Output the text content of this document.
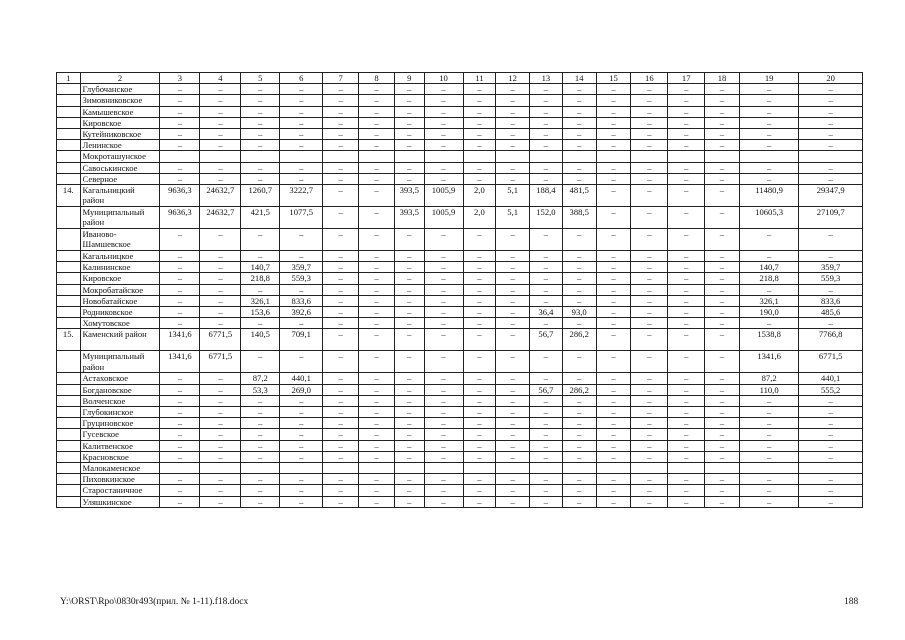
1	2	3	4	5	6	7	8	9	10	11	12	13	14	15	16	17	18	19	20
	Глубочанское	–	–	–	–	–	–	–	–	–	–	–	–	–	–	–	–	–	–
	Зимовниковское	–	–	–	–	–	–	–	–	–	–	–	–	–	–	–	–	–	–
	Камышевское	–	–	–	–	–	–	–	–	–	–	–	–	–	–	–	–	–	–
	Кировское	–	–	–	–	–	–	–	–	–	–	–	–	–	–	–	–	–	–
	Кутейниковское	–	–	–	–	–	–	–	–	–	–	–	–	–	–	–	–	–	–
	Ленинское	–	–	–	–	–	–	–	–	–	–	–	–	–	–	–	–	–	–
	Мокроташунское																		
	Савоськинское	–	–	–	–	–	–	–	–	–	–	–	–	–	–	–	–	–	–
	Северное	–	–	–	–	–	–	–	–	–	–	–	–	–	–	–	–	–	–
14.	Кагальницкий район	9636,3	24632,7	1260,7	3222,7	–	–	393,5	1005,9	2,0	5,1	188,4	481,5	–	–	–	–	11480,9	29347,9
	Муниципальный район	9636,3	24632,7	421,5	1077,5	–	–	393,5	1005,9	2,0	5,1	152,0	388,5	–	–	–	–	10605,3	27109,7
	Иваново-Шамшевское	–	–	–	–	–	–	–	–	–	–	–	–	–	–	–	–	–	–
	Кагальницкое	–	–	–	–	–	–	–	–	–	–	–	–	–	–	–	–	–	–
	Калининское	–	–	140,7	359,7	–	–	–	–	–	–	–	–	–	–	–	–	140,7	359,7
	Кировское	–	–	218,8	559,3	–	–	–	–	–	–	–	–	–	–	–	–	218,8	559,3
	Мокробатайское	–	–	–	–	–	–	–	–	–	–	–	–	–	–	–	–	–	–
	Новобатайское	–	–	326,1	833,6	–	–	–	–	–	–	–	–	–	–	–	–	326,1	833,6
	Родниковское	–	–	153,6	392,6	–	–	–	–	–	–	36,4	93,0	–	–	–	–	190,0	485,6
	Хомутовское	–	–	–	–	–	–	–	–	–	–	–	–	–	–	–	–	–	–
15.	Каменский район	1341,6	6771,5	140,5	709,1	–	–	–	–	–	–	56,7	286,2	–	–	–	–	1538,8	7766,8
	Муниципальный район	1341,6	6771,5	–	–	–	–	–	–	–	–	–	–	–	–	–	–	1341,6	6771,5
	Астаховское	–	–	87,2	440,1	–	–	–	–	–	–	–	–	–	–	–	–	87,2	440,1
	Богдановское	–	–	53,3	269,0	–	–	–	–	–	–	56,7	286,2	–	–	–	–	110,0	555,2
	Волченское	–	–	–	–	–	–	–	–	–	–	–	–	–	–	–	–	–	–
	Глубокинское	–	–	–	–	–	–	–	–	–	–	–	–	–	–	–	–	–	–
	Груциновское	–	–	–	–	–	–	–	–	–	–	–	–	–	–	–	–	–	–
	Гусевское	–	–	–	–	–	–	–	–	–	–	–	–	–	–	–	–	–	–
	Калитвенское	–	–	–	–	–	–	–	–	–	–	–	–	–	–	–	–	–	–
	Красновское	–	–	–	–	–	–	–	–	–	–	–	–	–	–	–	–	–	–
	Малокаменское																		
	Пиховкинское	–	–	–	–	–	–	–	–	–	–	–	–	–	–	–	–	–	–
	Старостаничное	–	–	–	–	–	–	–	–	–	–	–	–	–	–	–	–	–	–
	Уляшкинское	–	–	–	–	–	–	–	–	–	–	–	–	–	–	–	–	–	–
Y:\ORST\Rpo\0830r493(прил. № 1-11).f18.docx	188
